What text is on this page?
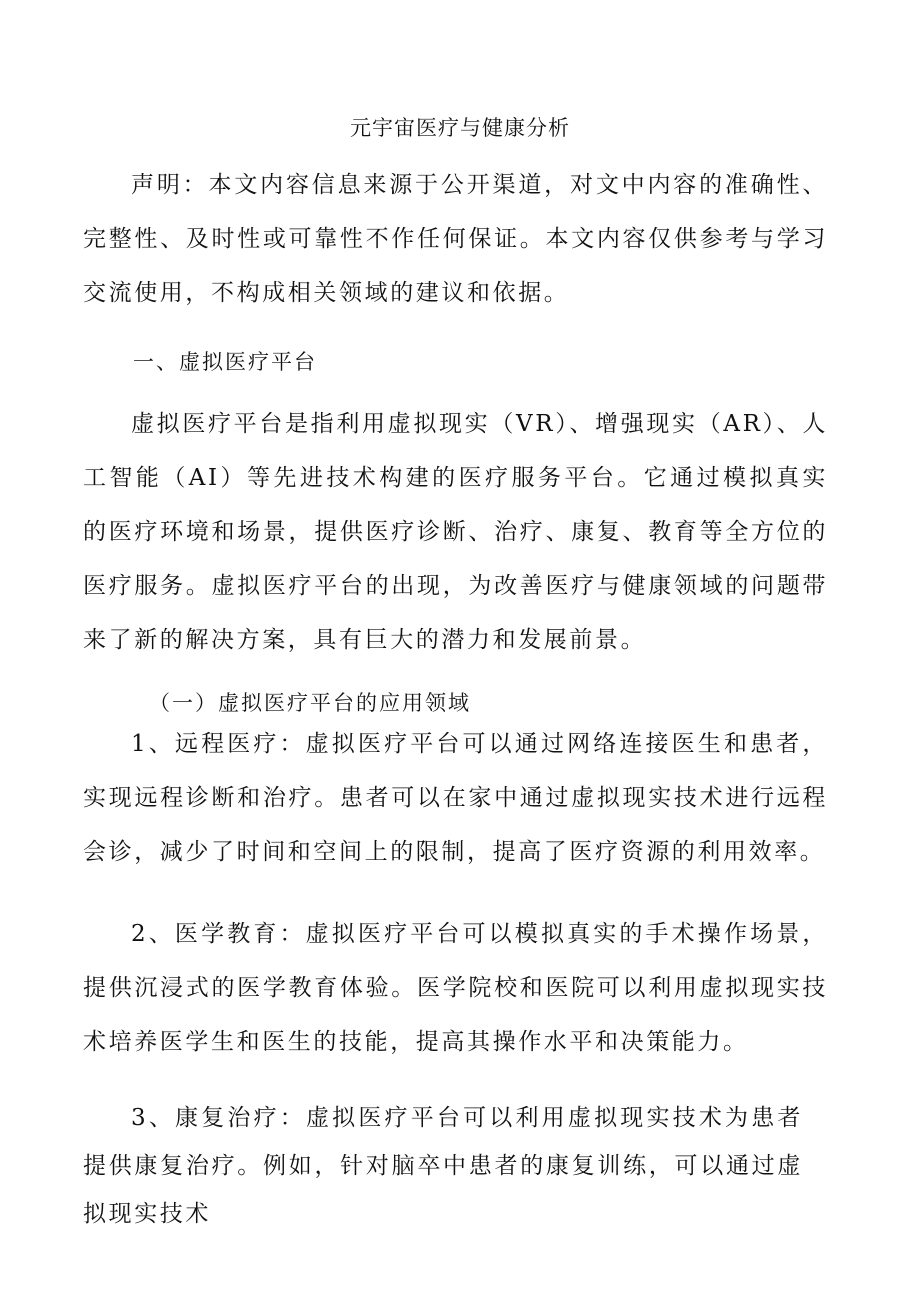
元宇宙医疗与健康分析

声明：本文内容信息来源于公开渠道，对文中内容的准确性、完整性、及时性或可靠性不作任何保证。本文内容仅供参考与学习交流使用，不构成相关领域的建议和依据。

一、虚拟医疗平台

虚拟医疗平台是指利用虚拟现实（VR）、增强现实（AR）、人工智能（AI）等先进技术构建的医疗服务平台。它通过模拟真实的医疗环境和场景，提供医疗诊断、治疗、康复、教育等全方位的医疗服务。虚拟医疗平台的出现，为改善医疗与健康领域的问题带来了新的解决方案，具有巨大的潜力和发展前景。

（一）虚拟医疗平台的应用领域

1、远程医疗：虚拟医疗平台可以通过网络连接医生和患者，实现远程诊断和治疗。患者可以在家中通过虚拟现实技术进行远程会诊，减少了时间和空间上的限制，提高了医疗资源的利用效率。

2、医学教育：虚拟医疗平台可以模拟真实的手术操作场景，提供沉浸式的医学教育体验。医学院校和医院可以利用虚拟现实技术培养医学生和医生的技能，提高其操作水平和决策能力。

3、康复治疗：虚拟医疗平台可以利用虚拟现实技术为患者提供康复治疗。例如，针对脑卒中患者的康复训练，可以通过虚拟现实技术
